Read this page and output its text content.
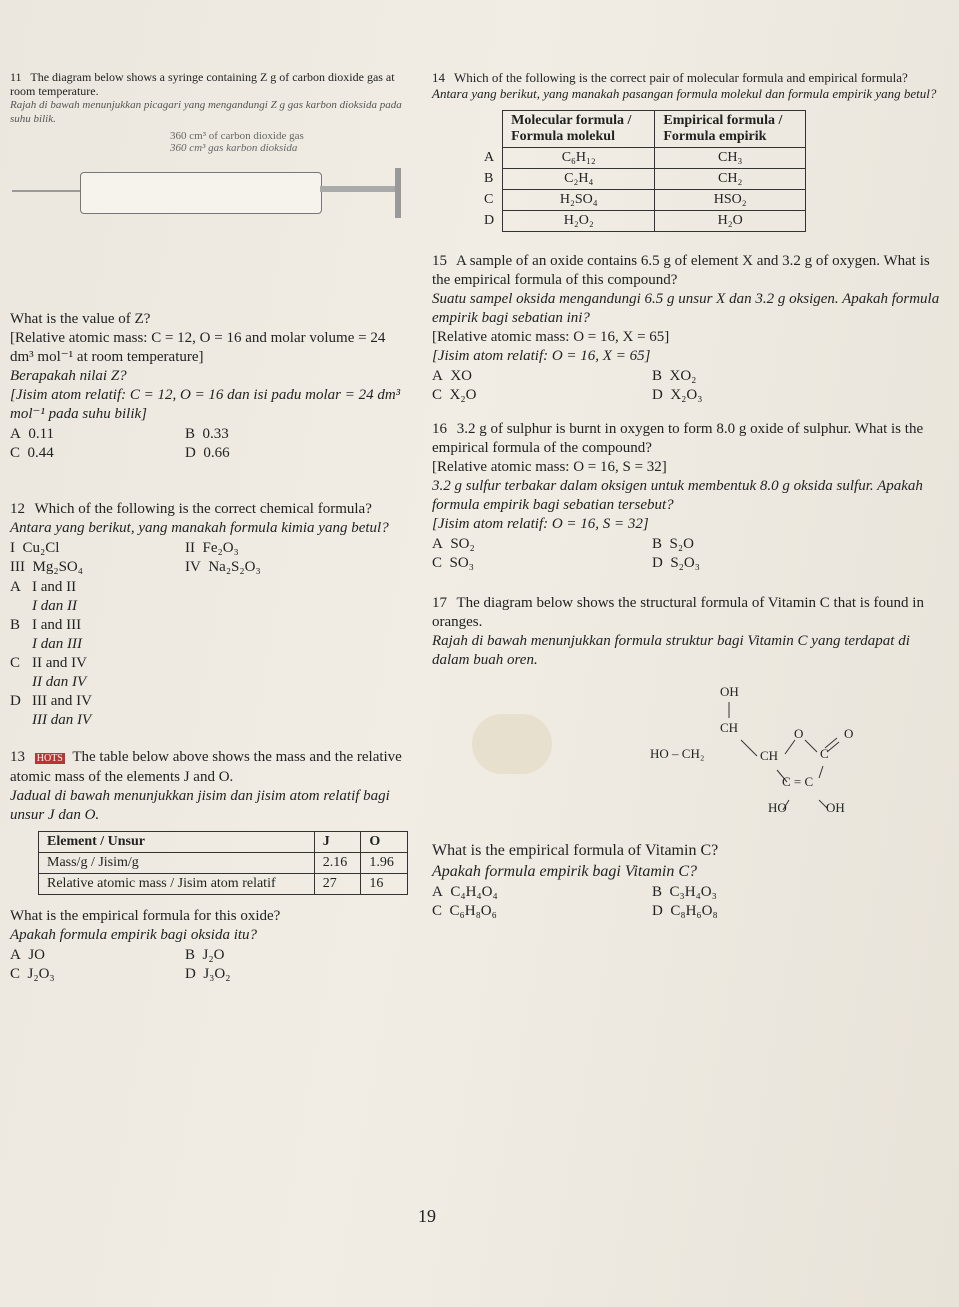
11 The diagram below shows a syringe containing Z g of carbon dioxide gas at room temperature.
Rajah di bawah menunjukkan picagari yang mengandungi Z g gas karbon dioksida pada suhu bilik.
360 cm³ of carbon dioxide gas
360 cm³ gas karbon dioksida
What is the value of Z?
[Relative atomic mass: C = 12, O = 16 and molar volume = 24 dm³ mol⁻¹ at room temperature]
Berapakah nilai Z?
[Jisim atom relatif: C = 12, O = 16 dan isi padu molar = 24 dm³ mol⁻¹ pada suhu bilik]
A 0.11	B 0.33
C 0.44	D 0.66
12 Which of the following is the correct chemical formula?
Antara yang berikut, yang manakah formula kimia yang betul?
I Cu₂Cl	II Fe₂O₃
III Mg₂SO₄	IV Na₂S₂O₃
A I and II
I dan II
B I and III
I dan III
C II and IV
II dan IV
D III and IV
III dan IV
13 HOTS The table below above shows the mass and the relative atomic mass of the elements J and O.
Jadual di bawah menunjukkan jisim dan jisim atom relatif bagi unsur J dan O.
Element / Unsur	J	O
Mass/g / Jisim/g	2.16	1.96
Relative atomic mass / Jisim atom relatif	27	16
What is the empirical formula for this oxide?
Apakah formula empirik bagi oksida itu?
A JO	B J₂O
C J₂O₃	D J₃O₂
14 Which of the following is the correct pair of molecular formula and empirical formula?
Antara yang berikut, yang manakah pasangan formula molekul dan formula empirik yang betul?
	Molecular formula / Formula molekul	Empirical formula / Formula empirik
A	C₆H₁₂	CH₃
B	C₂H₄	CH₂
C	H₂SO₄	HSO₂
D	H₂O₂	H₂O
15 A sample of an oxide contains 6.5 g of element X and 3.2 g of oxygen. What is the empirical formula of this compound?
Suatu sampel oksida mengandungi 6.5 g unsur X dan 3.2 g oksigen. Apakah formula empirik bagi sebatian ini?
[Relative atomic mass: O = 16, X = 65]
[Jisim atom relatif: O = 16, X = 65]
A XO	B XO₂
C X₂O	D X₂O₃
16 3.2 g of sulphur is burnt in oxygen to form 8.0 g oxide of sulphur. What is the empirical formula of the compound?
[Relative atomic mass: O = 16, S = 32]
3.2 g sulfur terbakar dalam oksigen untuk membentuk 8.0 g oksida sulfur. Apakah formula empirik bagi sebatian tersebut?
[Jisim atom relatif: O = 16, S = 32]
A SO₂	B S₂O
C SO₃	D S₂O₃
17 The diagram below shows the structural formula of Vitamin C that is found in oranges.
Rajah di bawah menunjukkan formula struktur bagi Vitamin C yang terdapat di dalam buah oren.
OH
CH
HO – CH₂	CH
O
C
O
C = C
HO	OH
What is the empirical formula of Vitamin C?
Apakah formula empirik bagi Vitamin C?
A C₄H₄O₄	B C₃H₄O₃
C C₆H₈O₆	D C₈H₆O₈
19
